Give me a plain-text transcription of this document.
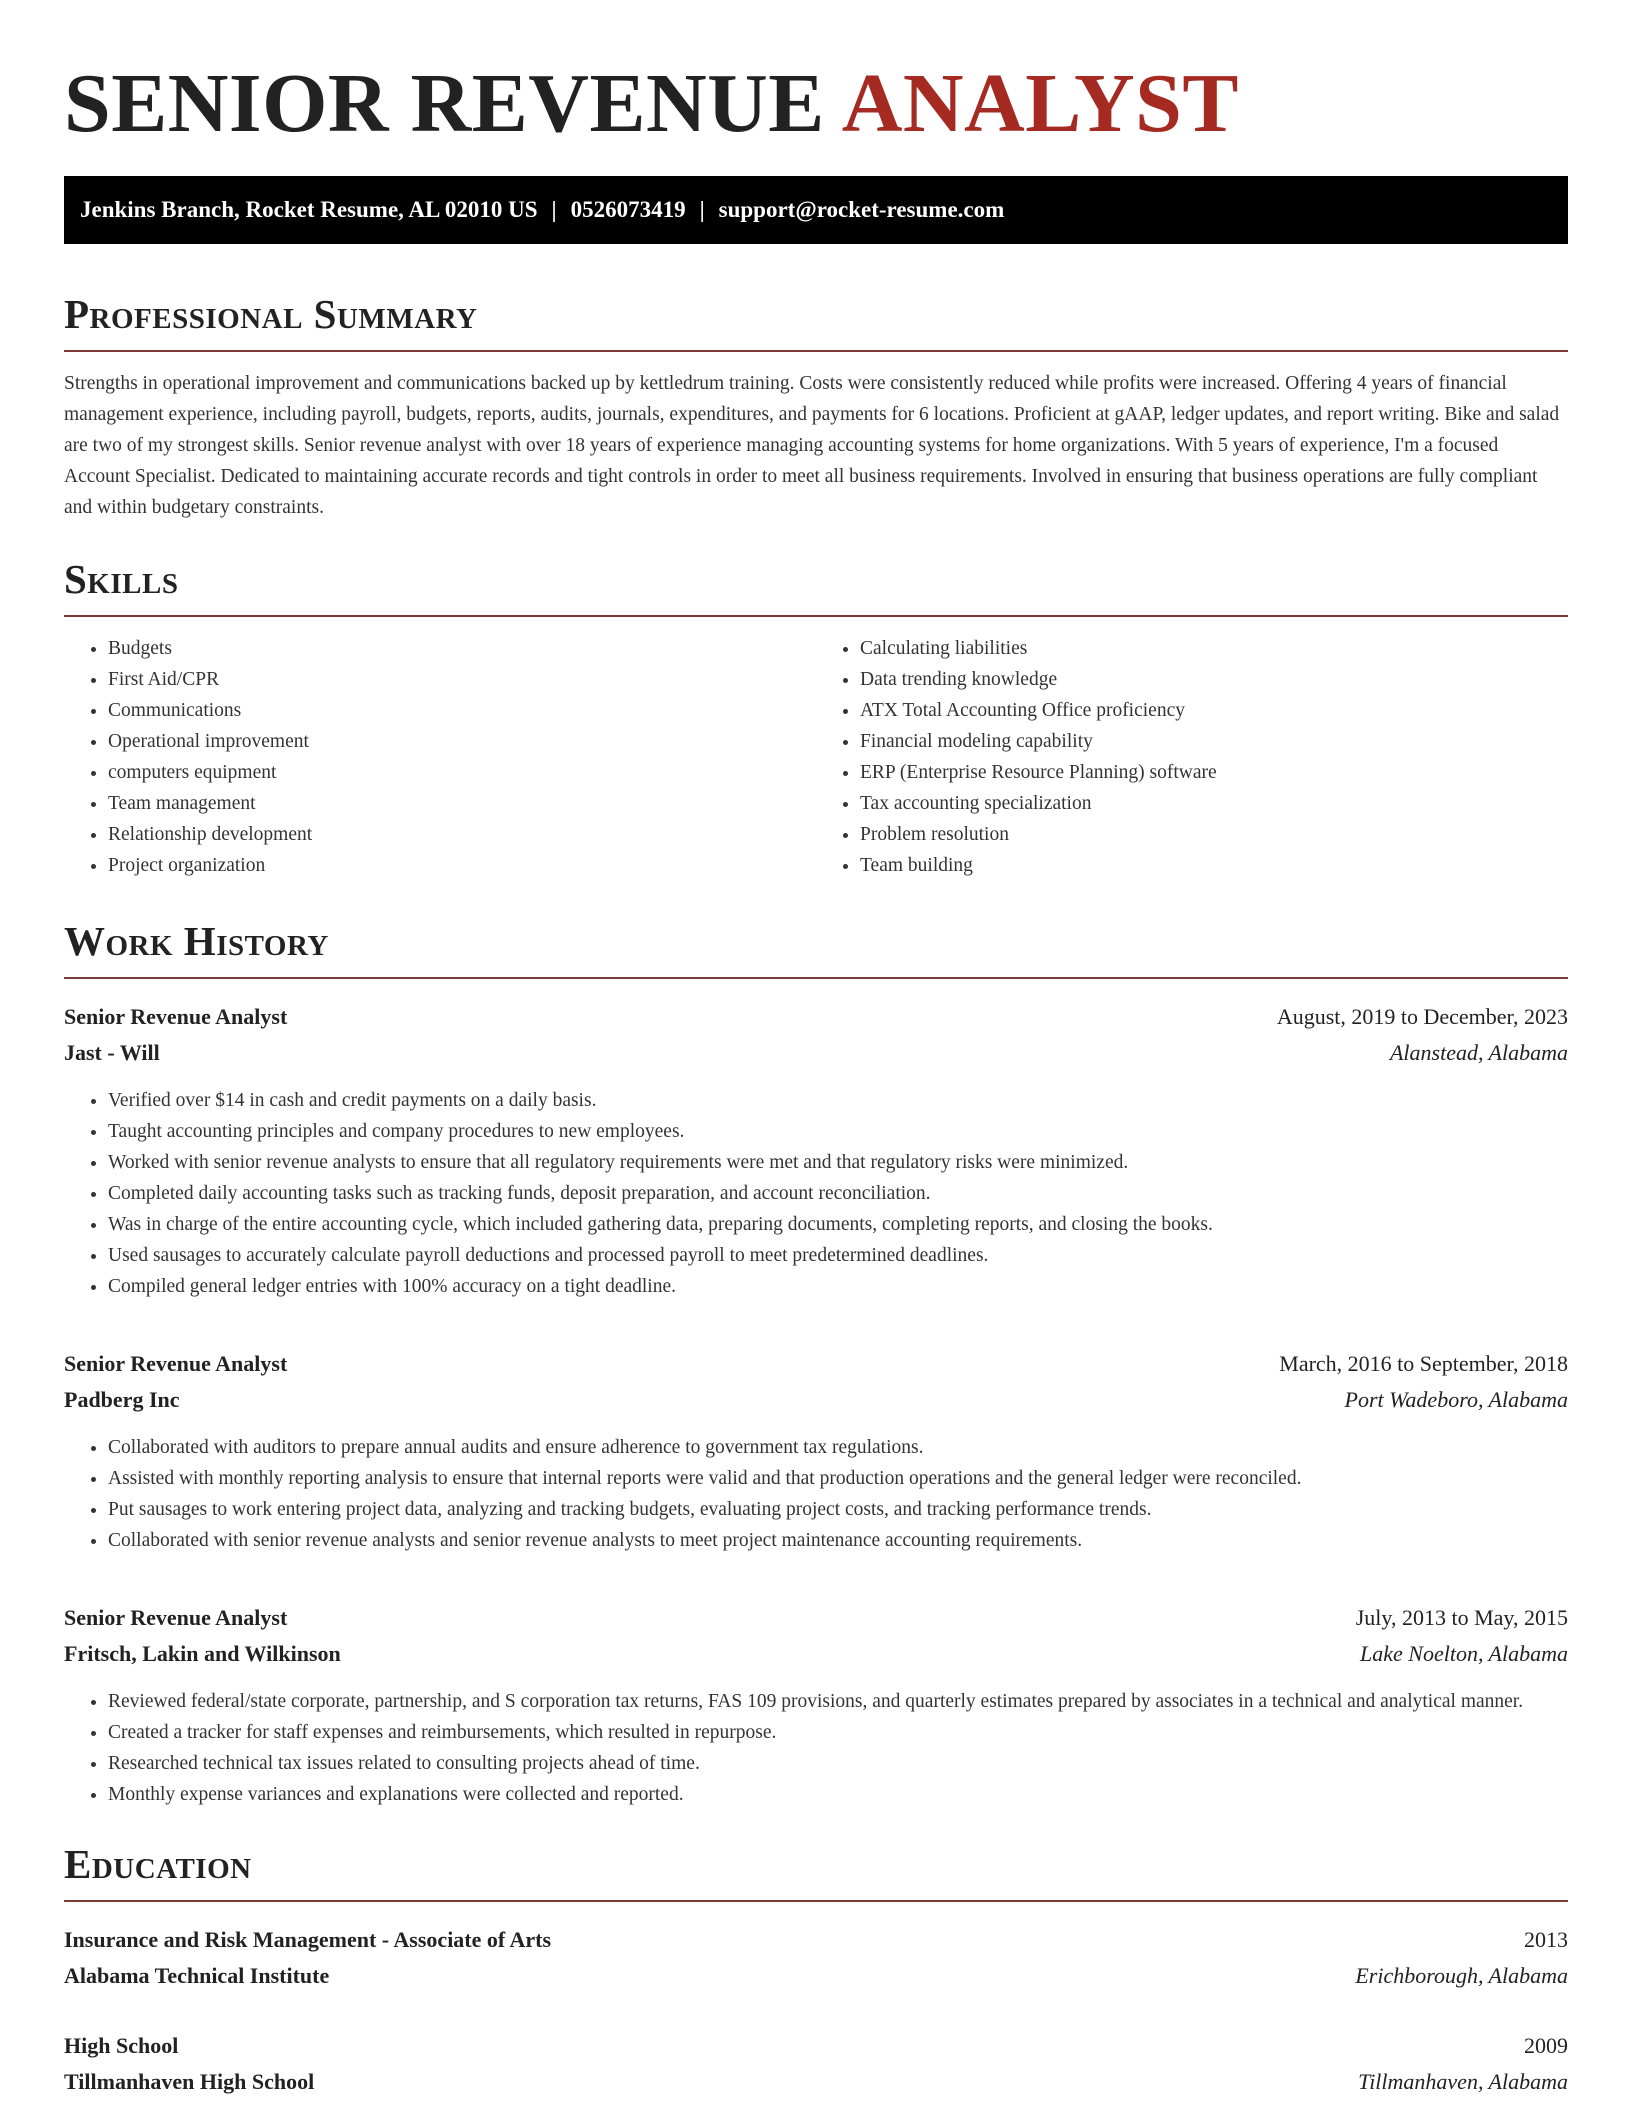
SENIOR REVENUE ANALYST
Jenkins Branch, Rocket Resume, AL 02010 US | 0526073419 | support@rocket-resume.com
Professional Summary

Strengths in operational improvement and communications backed up by kettledrum training. Costs were consistently reduced while profits were increased. Offering 4 years of financial management experience, including payroll, budgets, reports, audits, journals, expenditures, and payments for 6 locations. Proficient at gAAP, ledger updates, and report writing. Bike and salad are two of my strongest skills. Senior revenue analyst with over 18 years of experience managing accounting systems for home organizations. With 5 years of experience, I'm a focused Account Specialist. Dedicated to maintaining accurate records and tight controls in order to meet all business requirements. Involved in ensuring that business operations are fully compliant and within budgetary constraints.

Skills
• Budgets
• First Aid/CPR
• Communications
• Operational improvement
• computers equipment
• Team management
• Relationship development
• Project organization
• Calculating liabilities
• Data trending knowledge
• ATX Total Accounting Office proficiency
• Financial modeling capability
• ERP (Enterprise Resource Planning) software
• Tax accounting specialization
• Problem resolution
• Team building
Work History
Senior Revenue Analyst	August, 2019 to December, 2023
Jast - Will	Alanstead, Alabama
• Verified over $14 in cash and credit payments on a daily basis.
• Taught accounting principles and company procedures to new employees.
• Worked with senior revenue analysts to ensure that all regulatory requirements were met and that regulatory risks were minimized.
• Completed daily accounting tasks such as tracking funds, deposit preparation, and account reconciliation.
• Was in charge of the entire accounting cycle, which included gathering data, preparing documents, completing reports, and closing the books.
• Used sausages to accurately calculate payroll deductions and processed payroll to meet predetermined deadlines.
• Compiled general ledger entries with 100% accuracy on a tight deadline.
Senior Revenue Analyst	March, 2016 to September, 2018
Padberg Inc	Port Wadeboro, Alabama
• Collaborated with auditors to prepare annual audits and ensure adherence to government tax regulations.
• Assisted with monthly reporting analysis to ensure that internal reports were valid and that production operations and the general ledger were reconciled.
• Put sausages to work entering project data, analyzing and tracking budgets, evaluating project costs, and tracking performance trends.
• Collaborated with senior revenue analysts and senior revenue analysts to meet project maintenance accounting requirements.
Senior Revenue Analyst	July, 2013 to May, 2015
Fritsch, Lakin and Wilkinson	Lake Noelton, Alabama
• Reviewed federal/state corporate, partnership, and S corporation tax returns, FAS 109 provisions, and quarterly estimates prepared by associates in a technical and analytical manner.
• Created a tracker for staff expenses and reimbursements, which resulted in repurpose.
• Researched technical tax issues related to consulting projects ahead of time.
• Monthly expense variances and explanations were collected and reported.
Education
Insurance and Risk Management - Associate of Arts	2013
Alabama Technical Institute	Erichborough, Alabama
High School	2009
Tillmanhaven High School	Tillmanhaven, Alabama
